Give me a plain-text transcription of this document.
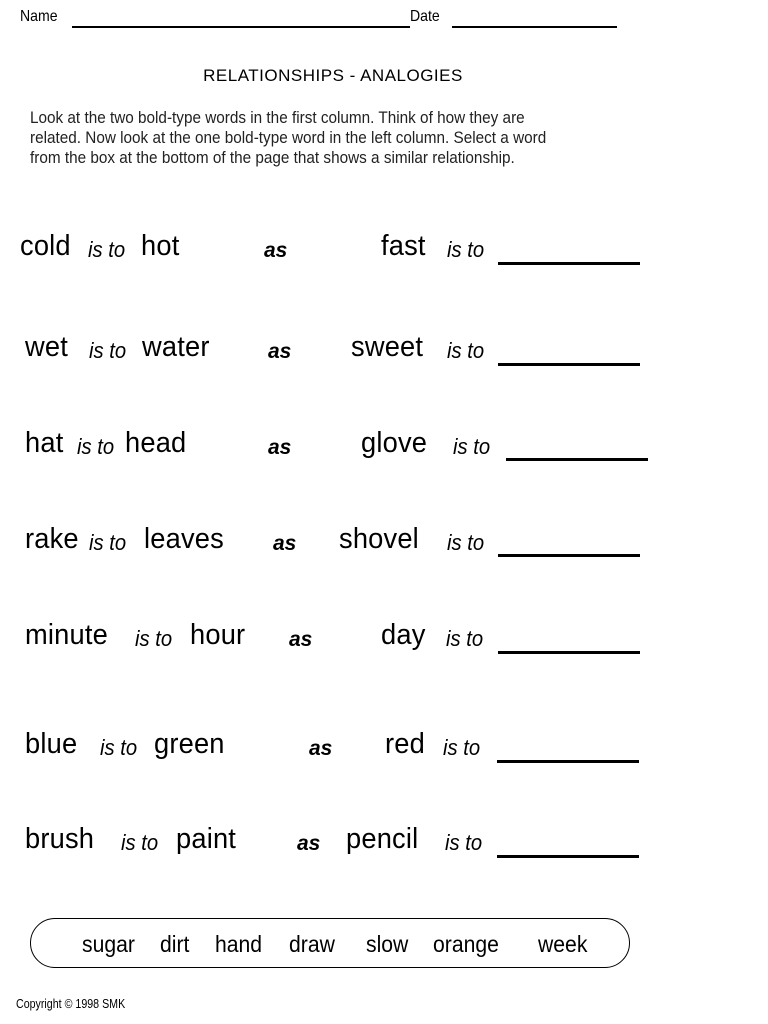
Name	Date
RELATIONSHIPS - ANALOGIES

Look at the two bold-type words in the first column. Think of how they are

related. Now look at the one bold-type word in the left column. Select a word

from the box at the bottom of the page that shows a similar relationship.

cold is to hot	as	fast is to
wet is to water	as sweet is to
hat is to head	as glove is to
rake is to leaves as shovel is to
minute is to hour as day is to
blue is to green	as red is to
brush is to paint	as pencil is to
sugar dirt hand draw slow orange week
Copyright © 1998 SMK
